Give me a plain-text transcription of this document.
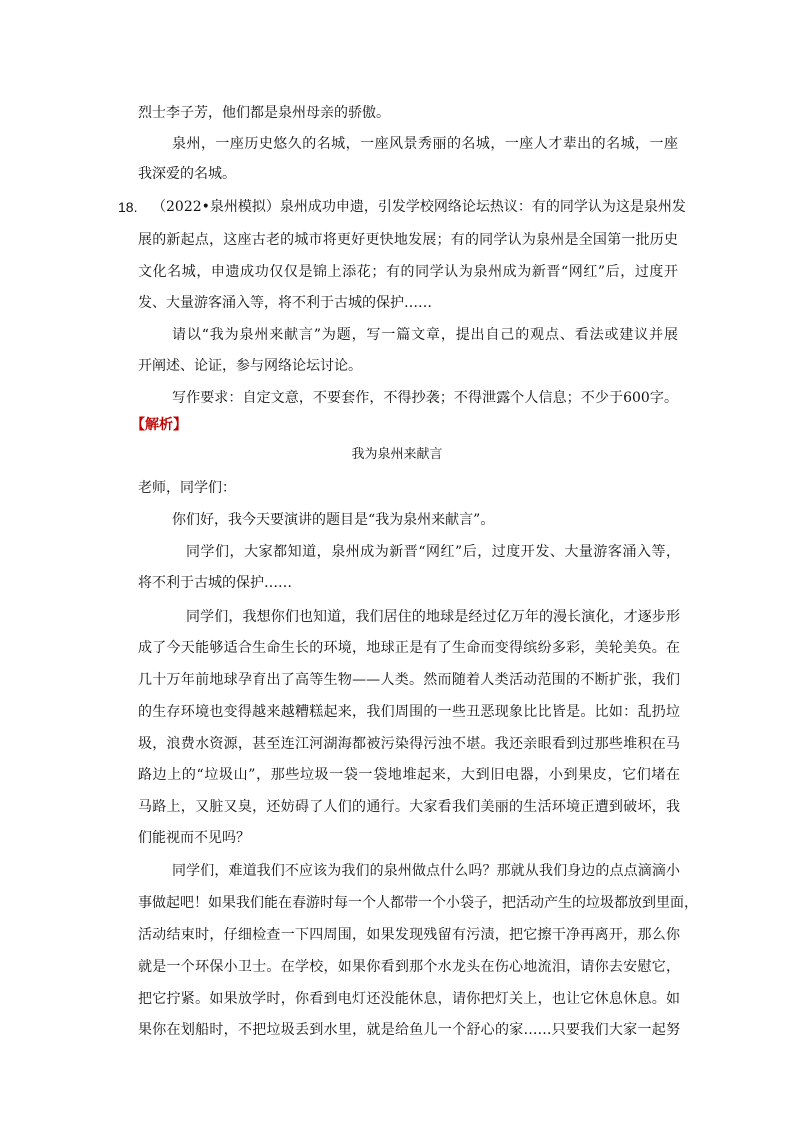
烈士李子芳，他们都是泉州母亲的骄傲。
泉州，一座历史悠久的名城，一座风景秀丽的名城，一座人才辈出的名城，一座
我深爱的名城。
18. （2022•泉州模拟）泉州成功申遗，引发学校网络论坛热议：有的同学认为这是泉州发
展的新起点，这座古老的城市将更好更快地发展；有的同学认为泉州是全国第一批历史
文化名城，申遗成功仅仅是锦上添花；有的同学认为泉州成为新晋“网红”后，过度开
发、大量游客涌入等，将不利于古城的保护……
请以“我为泉州来献言”为题，写一篇文章，提出自己的观点、看法或建议并展
开阐述、论证，参与网络论坛讨论。
写作要求：自定文意，不要套作，不得抄袭；不得泄露个人信息；不少于600字。
【解析】
我为泉州来献言
老师，同学们：
你们好，我今天要演讲的题目是“我为泉州来献言”。
同学们，大家都知道，泉州成为新晋“网红”后，过度开发、大量游客涌入等，
将不利于古城的保护……
同学们，我想你们也知道，我们居住的地球是经过亿万年的漫长演化，才逐步形
成了今天能够适合生命生长的环境，地球正是有了生命而变得缤纷多彩，美轮美奂。在
几十万年前地球孕育出了高等生物——人类。然而随着人类活动范围的不断扩张，我们
的生存环境也变得越来越糟糕起来，我们周围的一些丑恶现象比比皆是。比如：乱扔垃
圾，浪费水资源，甚至连江河湖海都被污染得污浊不堪。我还亲眼看到过那些堆积在马
路边上的“垃圾山”，那些垃圾一袋一袋地堆起来，大到旧电器，小到果皮，它们堵在
马路上，又脏又臭，还妨碍了人们的通行。大家看我们美丽的生活环境正遭到破坏，我
们能视而不见吗？
同学们，难道我们不应该为我们的泉州做点什么吗？那就从我们身边的点点滴滴小
事做起吧！如果我们能在春游时每一个人都带一个小袋子，把活动产生的垃圾都放到里面，
活动结束时，仔细检查一下四周围，如果发现残留有污渍，把它擦干净再离开，那么你
就是一个环保小卫士。在学校，如果你看到那个水龙头在伤心地流泪，请你去安慰它，
把它拧紧。如果放学时，你看到电灯还没能休息，请你把灯关上，也让它休息休息。如
果你在划船时，不把垃圾丢到水里，就是给鱼儿一个舒心的家……只要我们大家一起努
